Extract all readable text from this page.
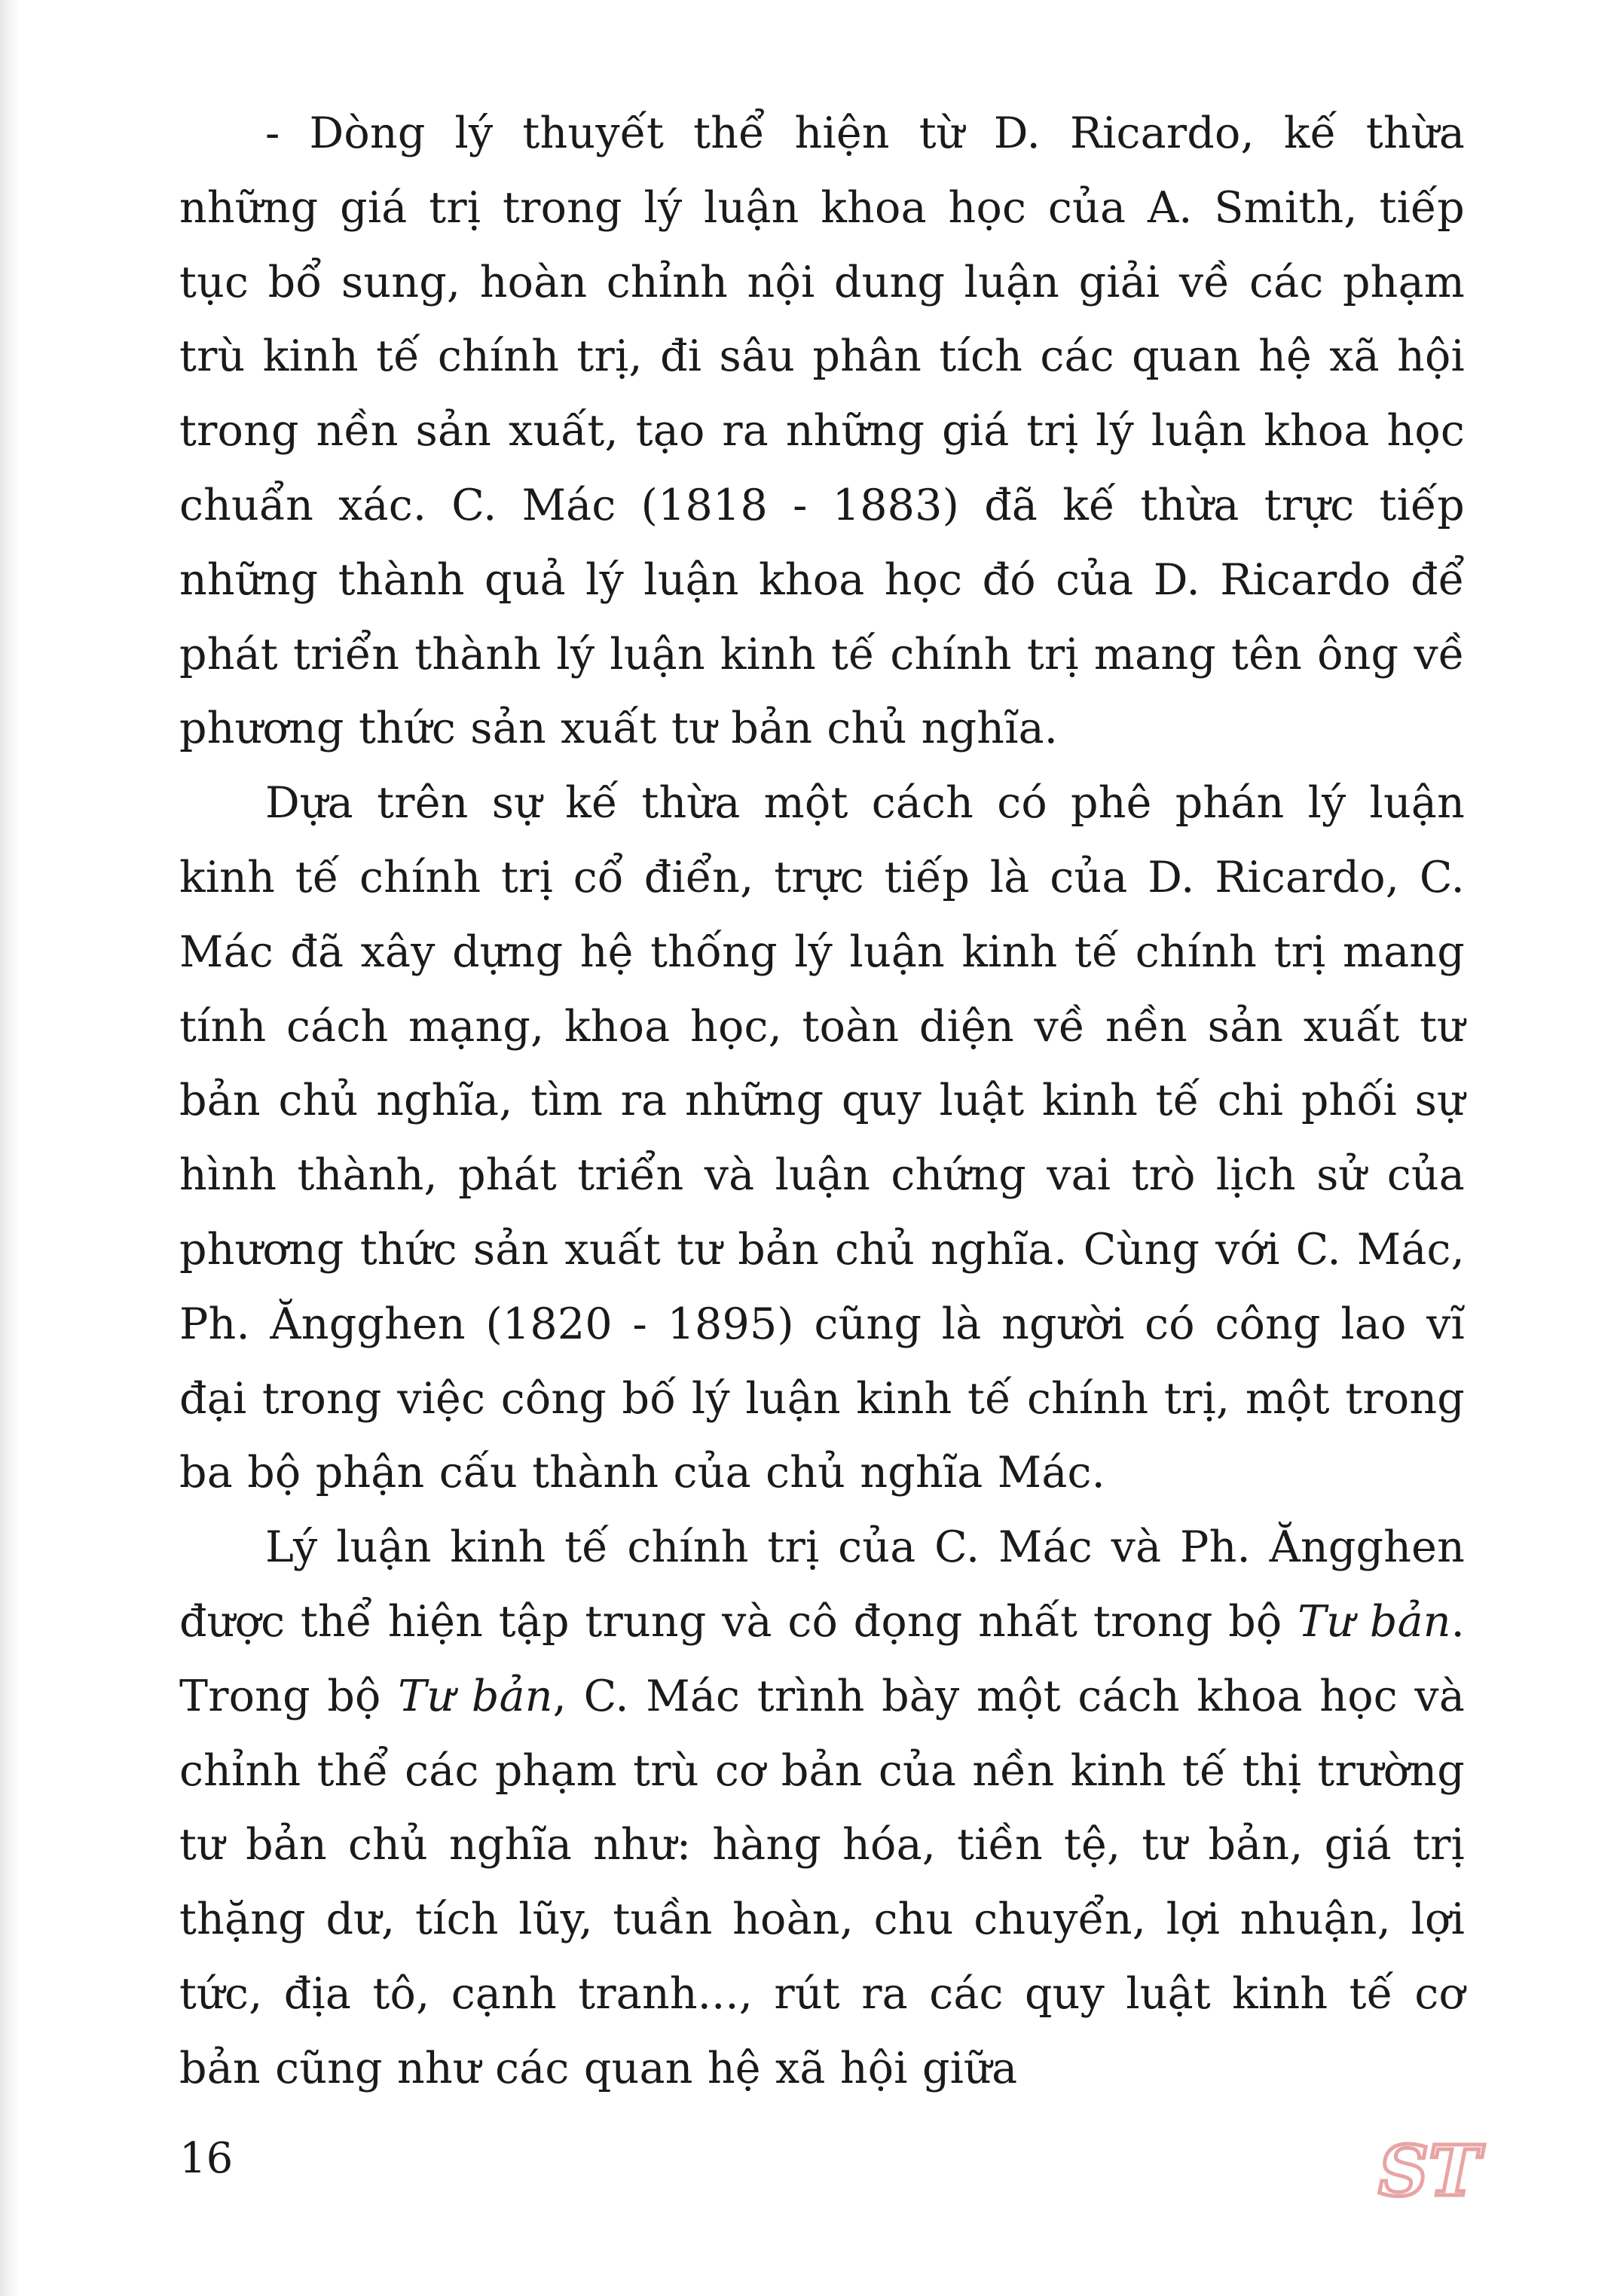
- Dòng lý thuyết thể hiện từ D. Ricardo, kế thừa những giá trị trong lý luận khoa học của A. Smith, tiếp tục bổ sung, hoàn chỉnh nội dung luận giải về các phạm trù kinh tế chính trị, đi sâu phân tích các quan hệ xã hội trong nền sản xuất, tạo ra những giá trị lý luận khoa học chuẩn xác. C. Mác (1818 - 1883) đã kế thừa trực tiếp những thành quả lý luận khoa học đó của D. Ricardo để phát triển thành lý luận kinh tế chính trị mang tên ông về phương thức sản xuất tư bản chủ nghĩa.

Dựa trên sự kế thừa một cách có phê phán lý luận kinh tế chính trị cổ điển, trực tiếp là của D. Ricardo, C. Mác đã xây dựng hệ thống lý luận kinh tế chính trị mang tính cách mạng, khoa học, toàn diện về nền sản xuất tư bản chủ nghĩa, tìm ra những quy luật kinh tế chi phối sự hình thành, phát triển và luận chứng vai trò lịch sử của phương thức sản xuất tư bản chủ nghĩa. Cùng với C. Mác, Ph. Ăngghen (1820 - 1895) cũng là người có công lao vĩ đại trong việc công bố lý luận kinh tế chính trị, một trong ba bộ phận cấu thành của chủ nghĩa Mác.

Lý luận kinh tế chính trị của C. Mác và Ph. Ăngghen được thể hiện tập trung và cô đọng nhất trong bộ Tư bản. Trong bộ Tư bản, C. Mác trình bày một cách khoa học và chỉnh thể các phạm trù cơ bản của nền kinh tế thị trường tư bản chủ nghĩa như: hàng hóa, tiền tệ, tư bản, giá trị thặng dư, tích lũy, tuần hoàn, chu chuyển, lợi nhuận, lợi tức, địa tô, cạnh tranh..., rút ra các quy luật kinh tế cơ bản cũng như các quan hệ xã hội giữa

16	ST
